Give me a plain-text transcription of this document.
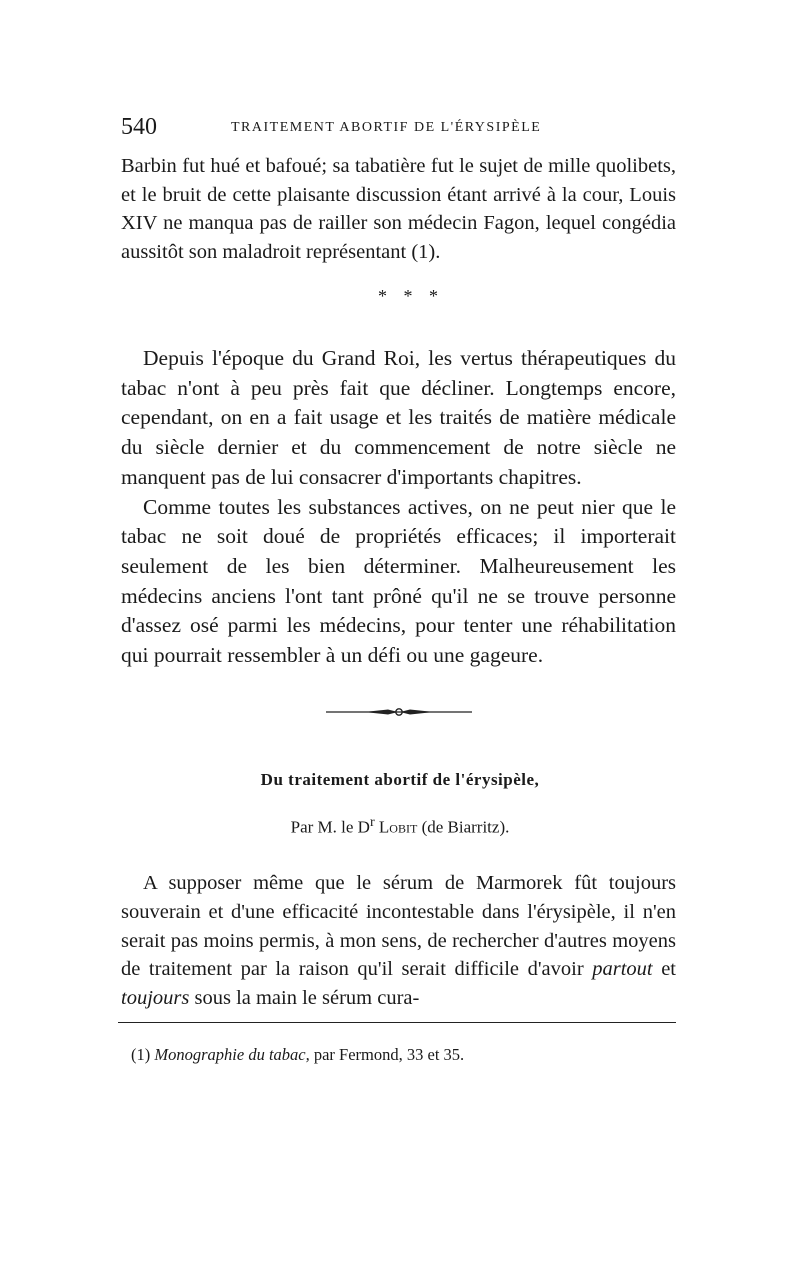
540	TRAITEMENT ABORTIF DE L'ÉRYSIPÈLE

Barbin fut hué et bafoué; sa tabatière fut le sujet de mille quolibets, et le bruit de cette plaisante discussion étant arrivé à la cour, Louis XIV ne manqua pas de railler son médecin Fagon, lequel congédia aussitôt son maladroit représentant (1).

* * *

Depuis l'époque du Grand Roi, les vertus thérapeutiques du tabac n'ont à peu près fait que décliner. Longtemps encore, cependant, on en a fait usage et les traités de matière médicale du siècle dernier et du commencement de notre siècle ne manquent pas de lui consacrer d'importants chapitres.

Comme toutes les substances actives, on ne peut nier que le tabac ne soit doué de propriétés efficaces; il importerait seulement de les bien déterminer. Malheureusement les médecins anciens l'ont tant prôné qu'il ne se trouve personne d'assez osé parmi les médecins, pour tenter une réhabilitation qui pourrait ressembler à un défi ou une gageure.

Du traitement abortif de l'érysipèle,
Par M. le $D^r$ Lobit (de Biarritz).

A supposer même que le sérum de Marmorek fût toujours souverain et d'une efficacité incontestable dans l'érysipèle, il n'en serait pas moins permis, à mon sens, de rechercher d'autres moyens de traitement par la raison qu'il serait difficile d'avoir partout et toujours sous la main le sérum cura-

(1) Monographie du tabac, par Fermond, 33 et 35.
